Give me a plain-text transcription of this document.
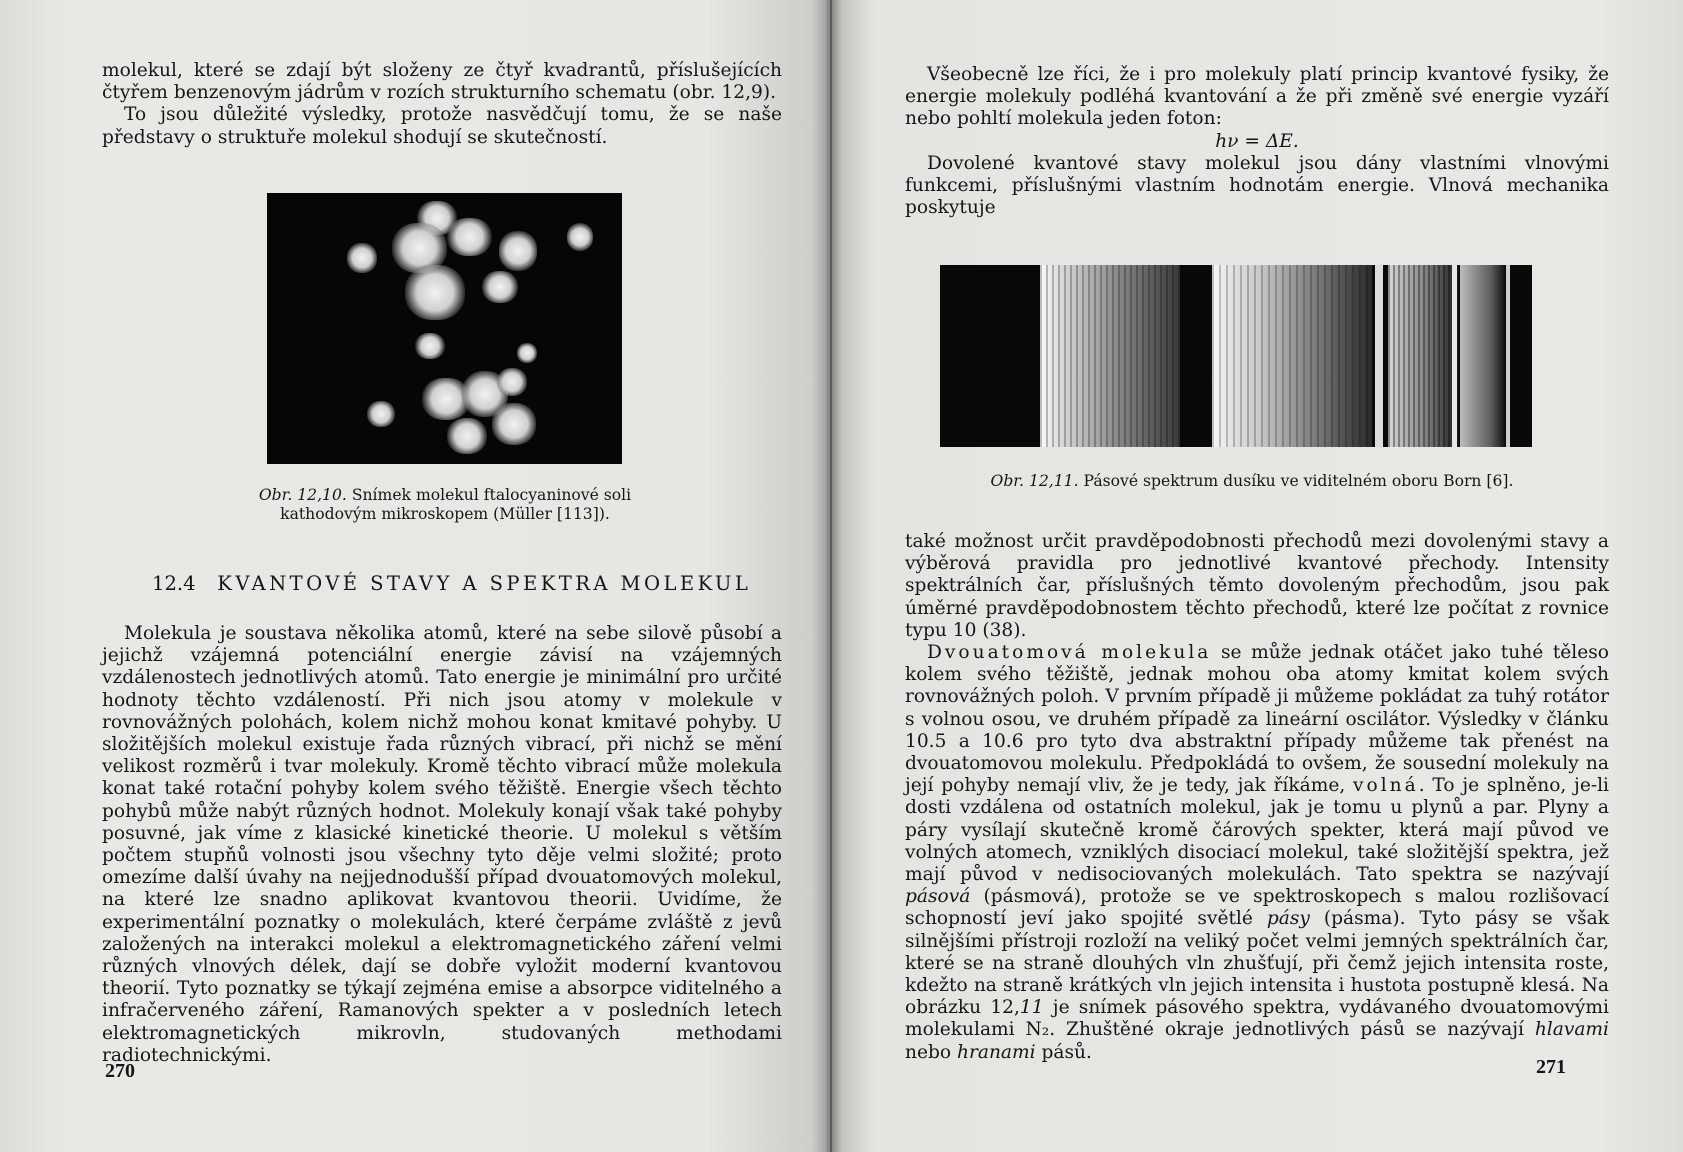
molekul, které se zdají být složeny ze čtyř kvadrantů, příslušejících čtyřem benzenovým jádrům v rozích strukturního schematu (obr. 12,9).

To jsou důležité výsledky, protože nasvědčují tomu, že se naše představy o struktuře molekul shodují se skutečností.

Obr. 12,10. Snímek molekul ftalocyaninové soli
kathodovým mikroskopem (Müller [113]).
12.4 KVANTOVÉ STAVY A SPEKTRA MOLEKUL

Molekula je soustava několika atomů, které na sebe silově působí a jejichž vzájemná potenciální energie závisí na vzájemných vzdálenostech jednotlivých atomů. Tato energie je minimální pro určité hodnoty těchto vzdáleností. Při nich jsou atomy v molekule v rovnovážných polohách, kolem nichž mohou konat kmitavé pohyby. U složitějších molekul existuje řada různých vibrací, při nichž se mění velikost rozměrů i tvar molekuly. Kromě těchto vibrací může molekula konat také rotační pohyby kolem svého těžiště. Energie všech těchto pohybů může nabýt různých hodnot. Molekuly konají však také pohyby posuvné, jak víme z klasické kinetické theorie. U molekul s větším počtem stupňů volnosti jsou všechny tyto děje velmi složité; proto omezíme další úvahy na nejjednodušší případ dvouatomových molekul, na které lze snadno aplikovat kvantovou theorii. Uvidíme, že experimentální poznatky o molekulách, které čerpáme zvláště z jevů založených na interakci molekul a elektromagnetického záření velmi různých vlnových délek, dají se dobře vyložit moderní kvantovou theorií. Tyto poznatky se týkají zejména emise a absorpce viditelného a infračerveného záření, Ramanových spekter a v posledních letech elektromagnetických mikrovln, studovaných methodami radiotechnickými.

270

Všeobecně lze říci, že i pro molekuly platí princip kvantové fysiky, že energie molekuly podléhá kvantování a že při změně své energie vyzáří nebo pohltí molekula jeden foton:

hν = ΔE.

Dovolené kvantové stavy molekul jsou dány vlastními vlnovými funkcemi, příslušnými vlastním hodnotám energie. Vlnová mechanika poskytuje

Obr. 12,11. Pásové spektrum dusíku ve viditelném oboru Born [6].

také možnost určit pravděpodobnosti přechodů mezi dovolenými stavy a výběrová pravidla pro jednotlivé kvantové přechody. Intensity spektrálních čar, příslušných těmto dovoleným přechodům, jsou pak úměrné pravděpodobnostem těchto přechodů, které lze počítat z rovnice typu 10 (38).

Dvouatomová molekula se může jednak otáčet jako tuhé těleso kolem svého těžiště, jednak mohou oba atomy kmitat kolem svých rovnovážných poloh. V prvním případě ji můžeme pokládat za tuhý rotátor s volnou osou, ve druhém případě za lineární oscilátor. Výsledky v článku 10.5 a 10.6 pro tyto dva abstraktní případy můžeme tak přenést na dvouatomovou molekulu. Předpokládá to ovšem, že sousední molekuly na její pohyby nemají vliv, že je tedy, jak říkáme, volná. To je splněno, je-li dosti vzdálena od ostatních molekul, jak je tomu u plynů a par. Plyny a páry vysílají skutečně kromě čárových spekter, která mají původ ve volných atomech, vzniklých disociací molekul, také složitější spektra, jež mají původ v nedisociovaných molekulách. Tato spektra se nazývají pásová (pásmová), protože se ve spektroskopech s malou rozlišovací schopností jeví jako spojité světlé pásy (pásma). Tyto pásy se však silnějšími přístroji rozloží na veliký počet velmi jemných spektrálních čar, které se na straně dlouhých vln zhušťují, při čemž jejich intensita roste, kdežto na straně krátkých vln jejich intensita i hustota postupně klesá. Na obrázku 12,11 je snímek pásového spektra, vydávaného dvouatomovými molekulami N₂. Zhuštěné okraje jednotlivých pásů se nazývají hlavami nebo hranami pásů.

271
